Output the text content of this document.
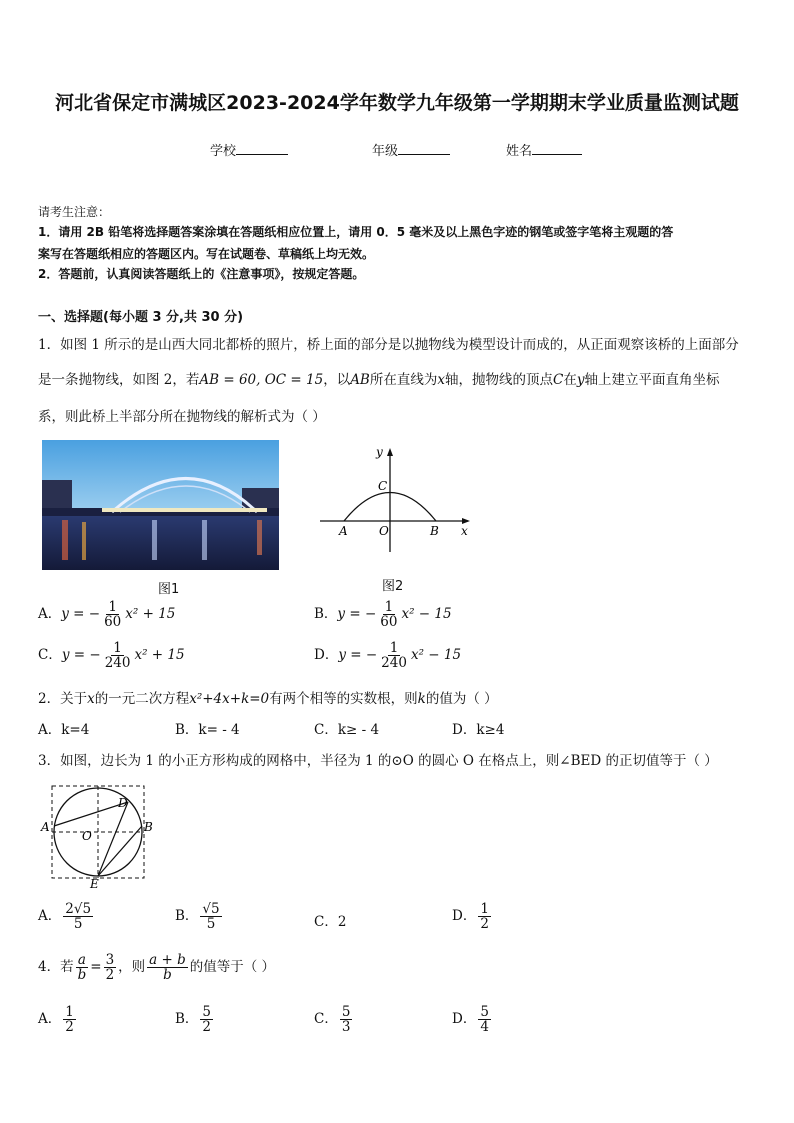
河北省保定市满城区2023-2024学年数学九年级第一学期期末学业质量监测试题
学校	年级	姓名
请考生注意：
1．请用 2B 铅笔将选择题答案涂填在答题纸相应位置上，请用 0．5 毫米及以上黑色字迹的钢笔或签字笔将主观题的答
案写在答题纸相应的答题区内。写在试题卷、草稿纸上均无效。
2．答题前，认真阅读答题纸上的《注意事项》，按规定答题。
一、选择题(每小题 3 分,共 30 分)
1．如图 1 所示的是山西大同北都桥的照片，桥上面的部分是以抛物线为模型设计而成的，从正面观察该桥的上面部分
是一条抛物线，如图 2，若AB = 60, OC = 15，以AB所在直线为x轴，抛物线的顶点C在y轴上建立平面直角坐标
系，则此桥上半部分所在抛物线的解析式为（ ）
图1
y
x
C
A	O	B
图2
A．y = − $\frac{1}{60} x^2 + 15$	B．y = − $\frac{1}{60} x^2 - 15$
C．y = − $\frac{1}{240} x^2 + 15$	D．y = − $\frac{1}{240} x^2 - 15$
2．关于x的一元二次方程x²+4x+k=0有两个相等的实数根，则k的值为（ ）
A．k=4	B．k= - 4	C．k≥ - 4	D．k≥4
3．如图，边长为 1 的小正方形构成的网格中，半径为 1 的⊙O 的圆心 O 在格点上，则∠BED 的正切值等于（ ）
A	B
D
O
E
A． $\frac{2√5}{5}$	B． $\frac{√5}{5}$	C．2	D． $\frac{1}{2}$
4．若 $\frac{a}{b} = \frac{3}{2}$ ，则 $\frac{a + b}{b}$ 的值等于（ ）
A． $\frac{1}{2}$	B． $\frac{5}{2}$	C． $\frac{5}{3}$	D． $\frac{5}{4}$
